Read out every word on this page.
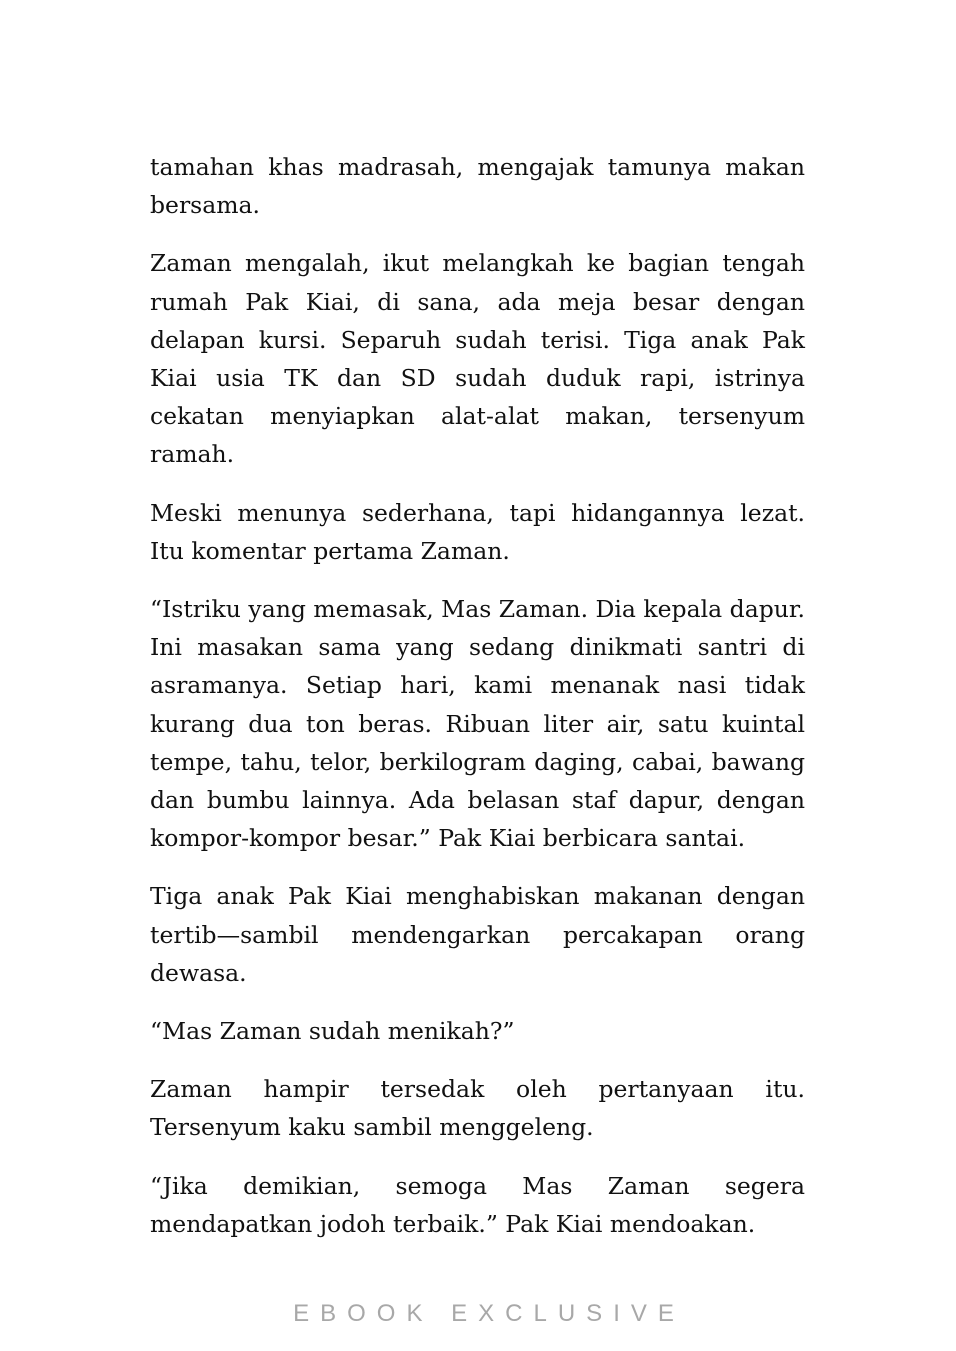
tamahan khas madrasah, mengajak tamunya makan bersama.

Zaman mengalah, ikut melangkah ke bagian tengah rumah Pak Kiai, di sana, ada meja besar dengan delapan kursi. Separuh sudah terisi. Tiga anak Pak Kiai usia TK dan SD sudah duduk rapi, istrinya cekatan menyiapkan alat-alat makan, tersenyum ramah.

Meski menunya sederhana, tapi hidangannya lezat. Itu komentar pertama Zaman.

“Istriku yang memasak, Mas Zaman. Dia kepala dapur. Ini masakan sama yang sedang dinikmati santri di asramanya. Setiap hari, kami menanak nasi tidak kurang dua ton beras. Ribuan liter air, satu kuintal tempe, tahu, telor, berkilogram daging, cabai, bawang dan bumbu lainnya. Ada belasan staf dapur, dengan kompor-kompor besar.” Pak Kiai berbicara santai.

Tiga anak Pak Kiai menghabiskan makanan dengan tertib—sambil mendengarkan percakapan orang dewasa.

“Mas Zaman sudah menikah?”

Zaman hampir tersedak oleh pertanyaan itu. Tersenyum kaku sambil menggeleng.

“Jika demikian, semoga Mas Zaman segera mendapatkan jodoh terbaik.” Pak Kiai mendoakan.

EBOOK EXCLUSIVE
